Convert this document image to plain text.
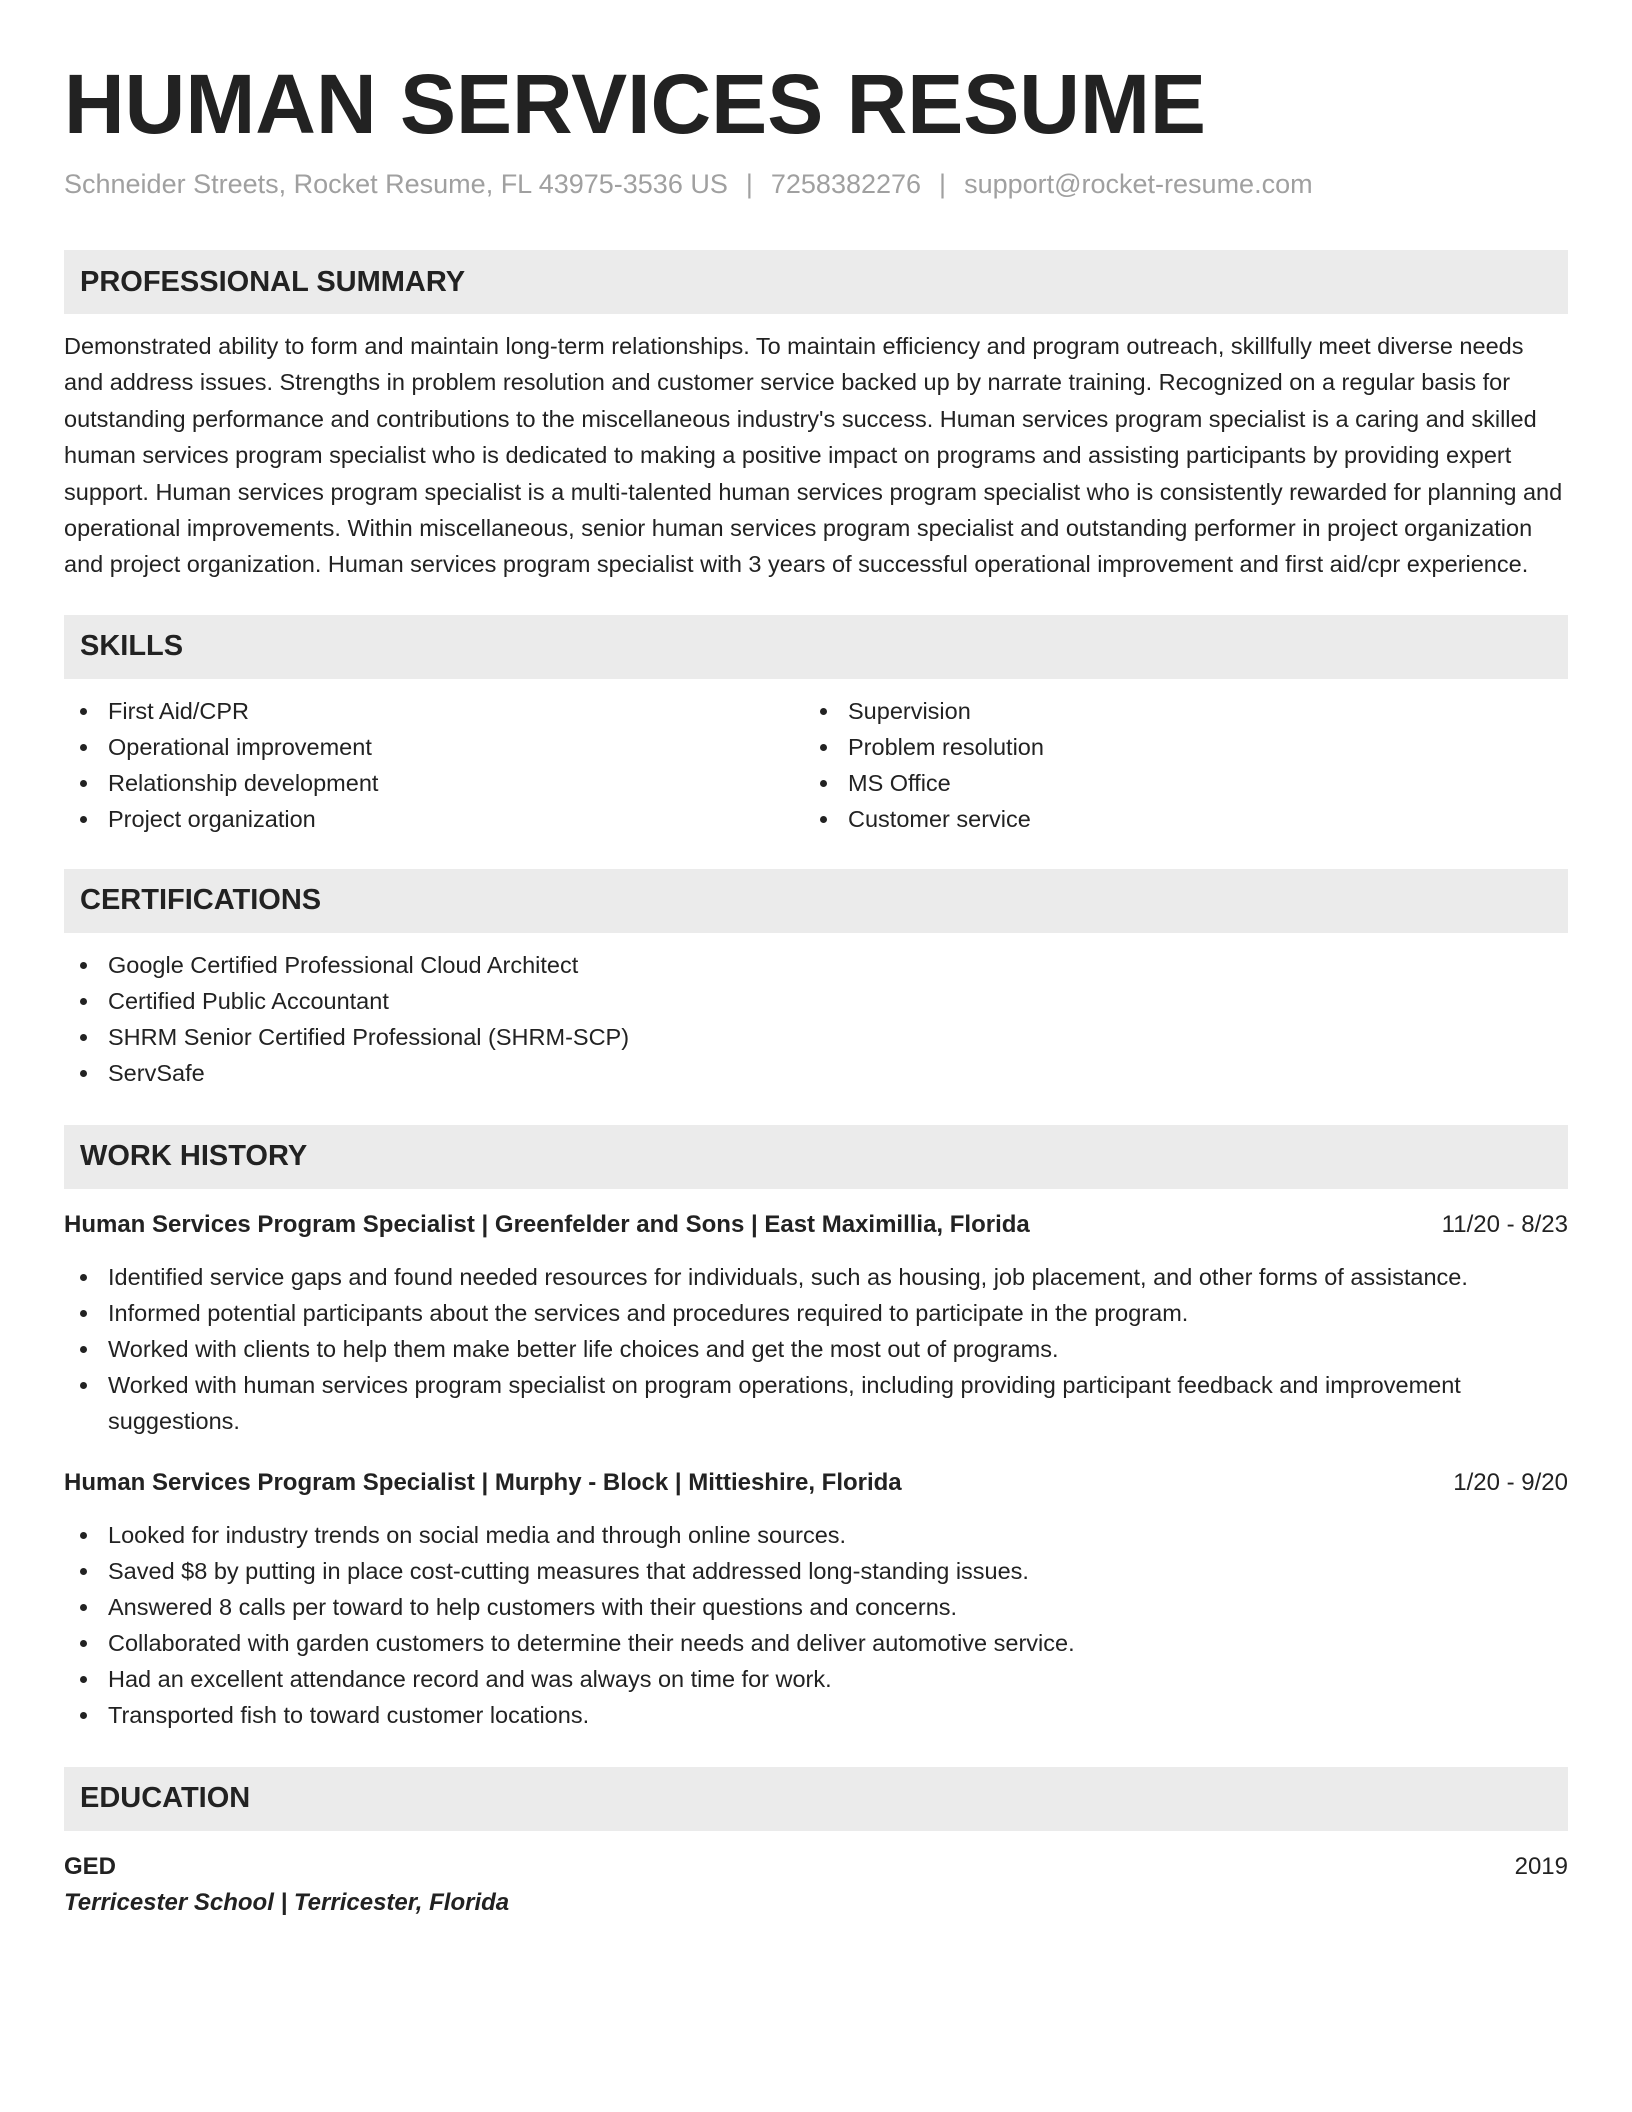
HUMAN SERVICES RESUME
Schneider Streets, Rocket Resume, FL 43975-3536 US | 7258382276 | support@rocket-resume.com
PROFESSIONAL SUMMARY

Demonstrated ability to form and maintain long-term relationships. To maintain efficiency and program outreach, skillfully meet diverse needs and address issues. Strengths in problem resolution and customer service backed up by narrate training. Recognized on a regular basis for outstanding performance and contributions to the miscellaneous industry's success. Human services program specialist is a caring and skilled human services program specialist who is dedicated to making a positive impact on programs and assisting participants by providing expert support. Human services program specialist is a multi-talented human services program specialist who is consistently rewarded for planning and operational improvements. Within miscellaneous, senior human services program specialist and outstanding performer in project organization and project organization. Human services program specialist with 3 years of successful operational improvement and first aid/cpr experience.

SKILLS
First Aid/CPR
Operational improvement
Relationship development
Project organization
Supervision
Problem resolution
MS Office
Customer service
CERTIFICATIONS
Google Certified Professional Cloud Architect
Certified Public Accountant
SHRM Senior Certified Professional (SHRM-SCP)
ServSafe
WORK HISTORY
Human Services Program Specialist | Greenfelder and Sons | East Maximillia, Florida	11/20 - 8/23
Identified service gaps and found needed resources for individuals, such as housing, job placement, and other forms of assistance.
Informed potential participants about the services and procedures required to participate in the program.
Worked with clients to help them make better life choices and get the most out of programs.
Worked with human services program specialist on program operations, including providing participant feedback and improvement suggestions.
Human Services Program Specialist | Murphy - Block | Mittieshire, Florida	1/20 - 9/20
Looked for industry trends on social media and through online sources.
Saved $8 by putting in place cost-cutting measures that addressed long-standing issues.
Answered 8 calls per toward to help customers with their questions and concerns.
Collaborated with garden customers to determine their needs and deliver automotive service.
Had an excellent attendance record and was always on time for work.
Transported fish to toward customer locations.
EDUCATION
GED	2019
Terricester School | Terricester, Florida
